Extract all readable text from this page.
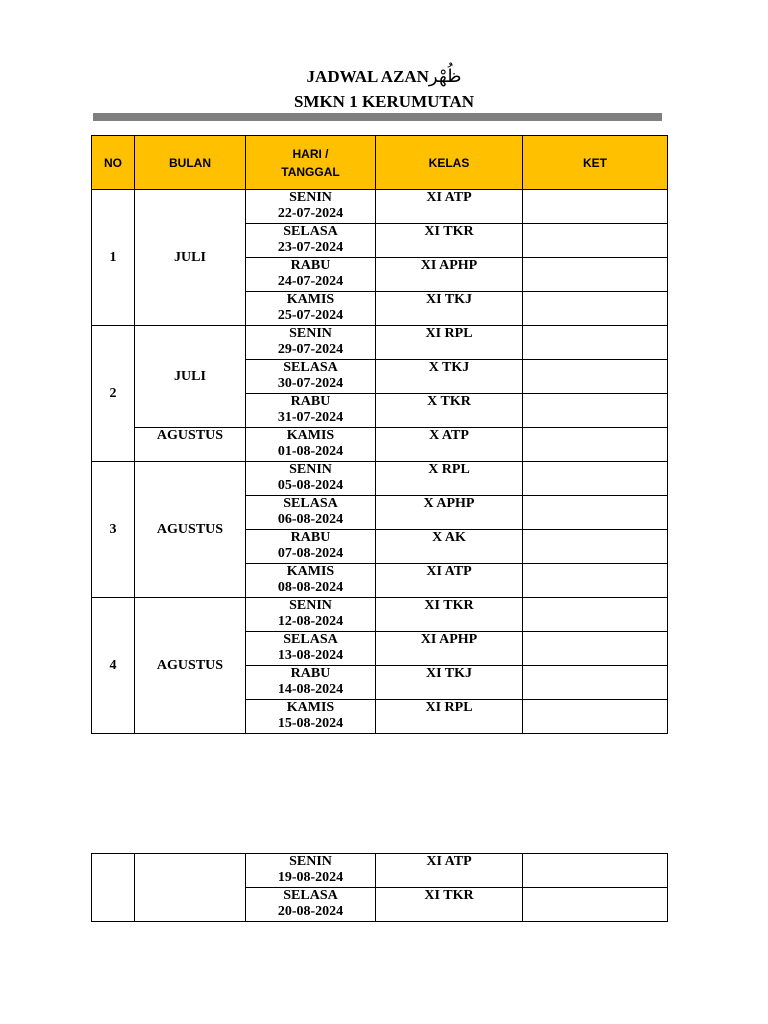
JADWAL AZANظُهْر
SMKN 1 KERUMUTAN
NO	BULAN	HARI / TANGGAL	KELAS	KET
1	JULI	SENIN
22-07-2024	XI ATP	

		SELASA
23-07-2024	XI TKR	

		RABU
24-07-2024	XI APHP	

		KAMIS
25-07-2024	XI TKJ	
2	JULI	SENIN
29-07-2024	XI RPL	

		SELASA
30-07-2024	X TKJ	

		RABU
31-07-2024	X TKR	
	AGUSTUS	KAMIS
01-08-2024	X ATP	
3	AGUSTUS	SENIN
05-08-2024	X RPL	

		SELASA
06-08-2024	X APHP	

		RABU
07-08-2024	X AK	

		KAMIS
08-08-2024	XI ATP	
4	AGUSTUS	SENIN
12-08-2024	XI TKR	

		SELASA
13-08-2024	XI APHP	

		RABU
14-08-2024	XI TKJ	

		KAMIS
15-08-2024	XI RPL	

		SENIN
19-08-2024	XI ATP	

		SELASA
20-08-2024	XI TKR	
